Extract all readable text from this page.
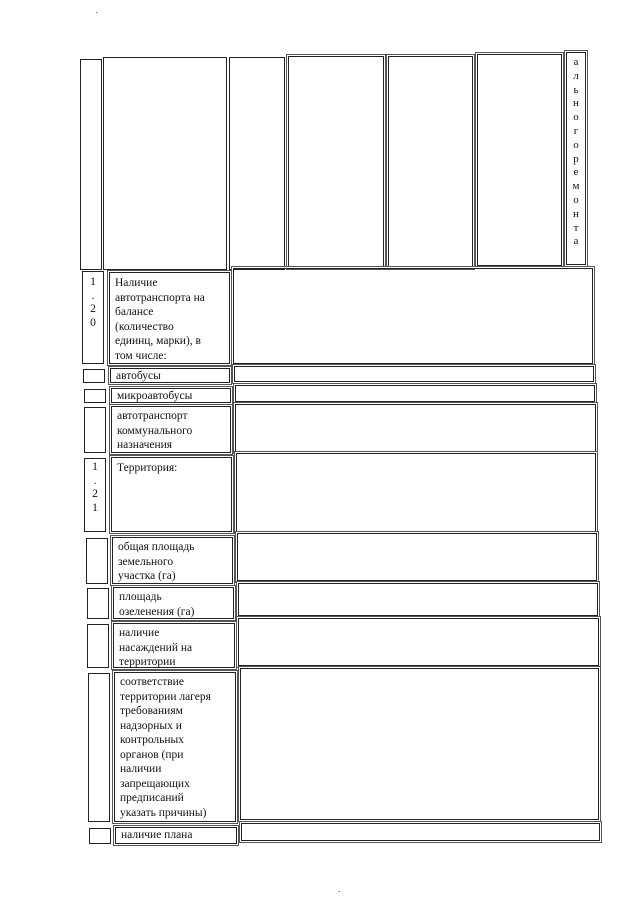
а
л
ь
н
о
г
о
р
е
м
о
н
т
а
1
.
2
0
Наличие
автотранспорта на
балансе
(количество
едиинц, марки), в
том числе:
автобусы
микроавтобусы
автотранспорт
коммунального
назначения
1
.
2
1
Территория:
общая площадь
земельного
участка (га)
площадь
озеленения (га)
наличие
насаждений на
территории
соответствие
территории лагеря
требованиям
надзорных и
контрольных
органов (при
наличии
запрещающих
предписаний
указать причины)
наличие плана
